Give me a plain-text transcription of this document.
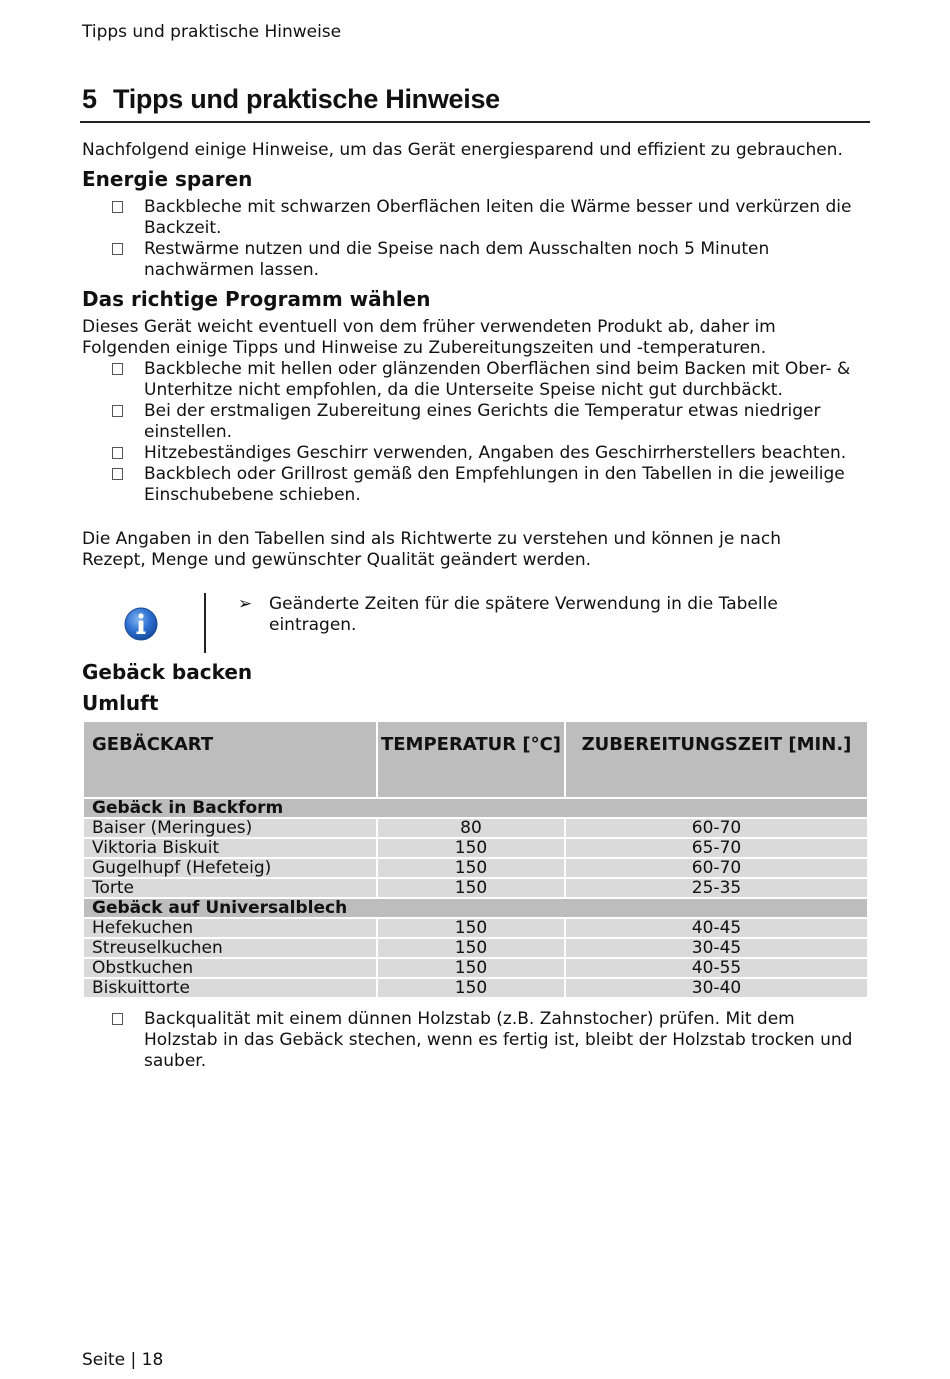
Tipps und praktische Hinweise
5 Tipps und praktische Hinweise
Nachfolgend einige Hinweise, um das Gerät energiesparend und effizient zu gebrauchen.
Energie sparen
Backbleche mit schwarzen Oberflächen leiten die Wärme besser und verkürzen die Backzeit.
Restwärme nutzen und die Speise nach dem Ausschalten noch 5 Minuten nachwärmen lassen.
Das richtige Programm wählen
Dieses Gerät weicht eventuell von dem früher verwendeten Produkt ab, daher im Folgenden einige Tipps und Hinweise zu Zubereitungszeiten und -temperaturen.
Backbleche mit hellen oder glänzenden Oberflächen sind beim Backen mit Ober- & Unterhitze nicht empfohlen, da die Unterseite Speise nicht gut durchbäckt.
Bei der erstmaligen Zubereitung eines Gerichts die Temperatur etwas niedriger einstellen.
Hitzebeständiges Geschirr verwenden, Angaben des Geschirrherstellers beachten.
Backblech oder Grillrost gemäß den Empfehlungen in den Tabellen in die jeweilige Einschubebene schieben.
Die Angaben in den Tabellen sind als Richtwerte zu verstehen und können je nach Rezept, Menge und gewünschter Qualität geändert werden.
➢ Geänderte Zeiten für die spätere Verwendung in die Tabelle eintragen.
Gebäck backen
Umluft
GEBÄCKART	TEMPERATUR [°C]	ZUBEREITUNGSZEIT [MIN.]
Gebäck in Backform		
Baiser (Meringues)	80	60-70
Viktoria Biskuit	150	65-70
Gugelhupf (Hefeteig)	150	60-70
Torte	150	25-35
Gebäck auf Universalblech		
Hefekuchen	150	40-45
Streuselkuchen	150	30-45
Obstkuchen	150	40-55
Biskuittorte	150	30-40
Backqualität mit einem dünnen Holzstab (z.B. Zahnstocher) prüfen. Mit dem Holzstab in das Gebäck stechen, wenn es fertig ist, bleibt der Holzstab trocken und sauber.
Seite | 18
